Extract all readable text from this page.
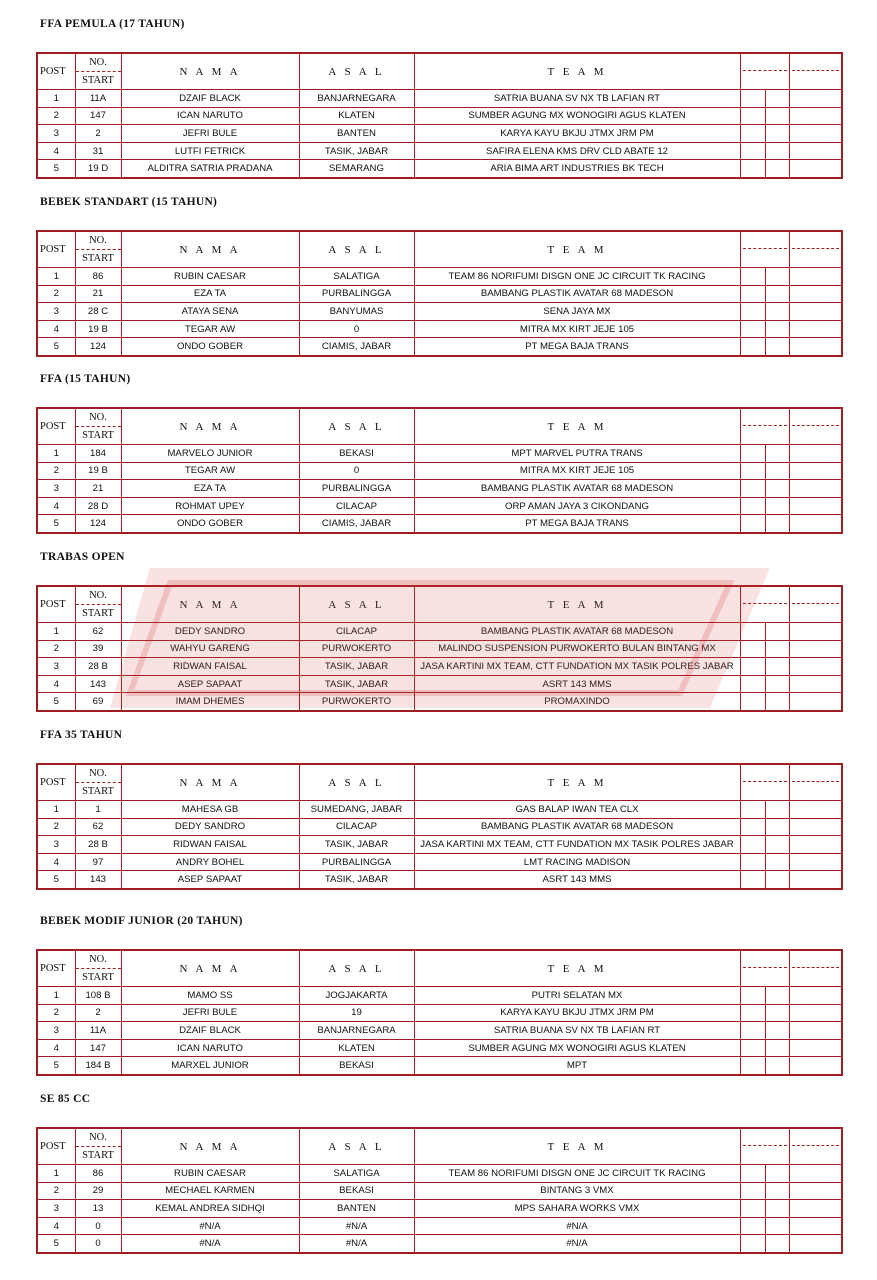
FFA PEMULA (17 TAHUN)
POST	NO.
START	N A M A	A S A L	T E A M	

1	11A	DZAIF BLACK	BANJARNEGARA	SATRIA BUANA SV NX TB LAFIAN RT	

2	147	ICAN NARUTO	KLATEN	SUMBER AGUNG MX WONOGIRI AGUS KLATEN	

3	2	JEFRI BULE	BANTEN	KARYA KAYU BKJU JTMX JRM PM	

4	31	LUTFI FETRICK	TASIK, JABAR	SAFIRA ELENA KMS DRV CLD ABATE 12	

5	19 D	ALDITRA SATRIA PRADANA	SEMARANG	ARIA BIMA ART INDUSTRIES BK TECH	

BEBEK STANDART (15 TAHUN)
POST	NO.
START	N A M A	A S A L	T E A M	

1	86	RUBIN CAESAR	SALATIGA	TEAM 86 NORIFUMI DISGN ONE JC CIRCUIT TK RACING	

2	21	EZA TA	PURBALINGGA	BAMBANG PLASTIK AVATAR 68 MADESON	

3	28 C	ATAYA SENA	BANYUMAS	SENA JAYA MX	

4	19 B	TEGAR AW	0	MITRA MX KIRT JEJE 105	

5	124	ONDO GOBER	CIAMIS, JABAR	PT MEGA BAJA TRANS	

FFA (15 TAHUN)
POST	NO.
START	N A M A	A S A L	T E A M	

1	184	MARVELO JUNIOR	BEKASI	MPT MARVEL PUTRA TRANS	

2	19 B	TEGAR AW	0	MITRA MX KIRT JEJE 105	

3	21	EZA TA	PURBALINGGA	BAMBANG PLASTIK AVATAR 68 MADESON	

4	28 D	ROHMAT UPEY	CILACAP	ORP AMAN JAYA 3 CIKONDANG	

5	124	ONDO GOBER	CIAMIS, JABAR	PT MEGA BAJA TRANS	

TRABAS OPEN
POST	NO.
START	N A M A	A S A L	T E A M	

1	62	DEDY SANDRO	CILACAP	BAMBANG PLASTIK AVATAR 68 MADESON	

2	39	WAHYU GARENG	PURWOKERTO	MALINDO SUSPENSION PURWOKERTO BULAN BINTANG MX	

3	28 B	RIDWAN FAISAL	TASIK, JABAR	JASA KARTINI MX TEAM, CTT FUNDATION MX TASIK POLRES JABAR	

4	143	ASEP SAPAAT	TASIK, JABAR	ASRT 143 MMS	

5	69	IMAM DHEMES	PURWOKERTO	PROMAXINDO	

FFA 35 TAHUN
POST	NO.
START	N A M A	A S A L	T E A M	

1	1	MAHESA GB	SUMEDANG, JABAR	GAS BALAP IWAN TEA CLX	

2	62	DEDY SANDRO	CILACAP	BAMBANG PLASTIK AVATAR 68 MADESON	

3	28 B	RIDWAN FAISAL	TASIK, JABAR	JASA KARTINI MX TEAM, CTT FUNDATION MX TASIK POLRES JABAR	

4	97	ANDRY BOHEL	PURBALINGGA	LMT RACING MADISON	

5	143	ASEP SAPAAT	TASIK, JABAR	ASRT 143 MMS	

BEBEK MODIF JUNIOR (20 TAHUN)
POST	NO.
START	N A M A	A S A L	T E A M	

1	108 B	MAMO SS	JOGJAKARTA	PUTRI SELATAN MX	

2	2	JEFRI BULE	19	KARYA KAYU BKJU JTMX JRM PM	

3	11A	DZAIF BLACK	BANJARNEGARA	SATRIA BUANA SV NX TB LAFIAN RT	

4	147	ICAN NARUTO	KLATEN	SUMBER AGUNG MX WONOGIRI AGUS KLATEN	

5	184 B	MARXEL JUNIOR	BEKASI	MPT	

SE 85 CC
POST	NO.
START	N A M A	A S A L	T E A M	

1	86	RUBIN CAESAR	SALATIGA	TEAM 86 NORIFUMI DISGN ONE JC CIRCUIT TK RACING	

2	29	MECHAEL KARMEN	BEKASI	BINTANG 3 VMX	

3	13	KEMAL ANDREA SIDHQI	BANTEN	MPS SAHARA WORKS VMX	

4	0	#N/A	#N/A	#N/A	

5	0	#N/A	#N/A	#N/A	
